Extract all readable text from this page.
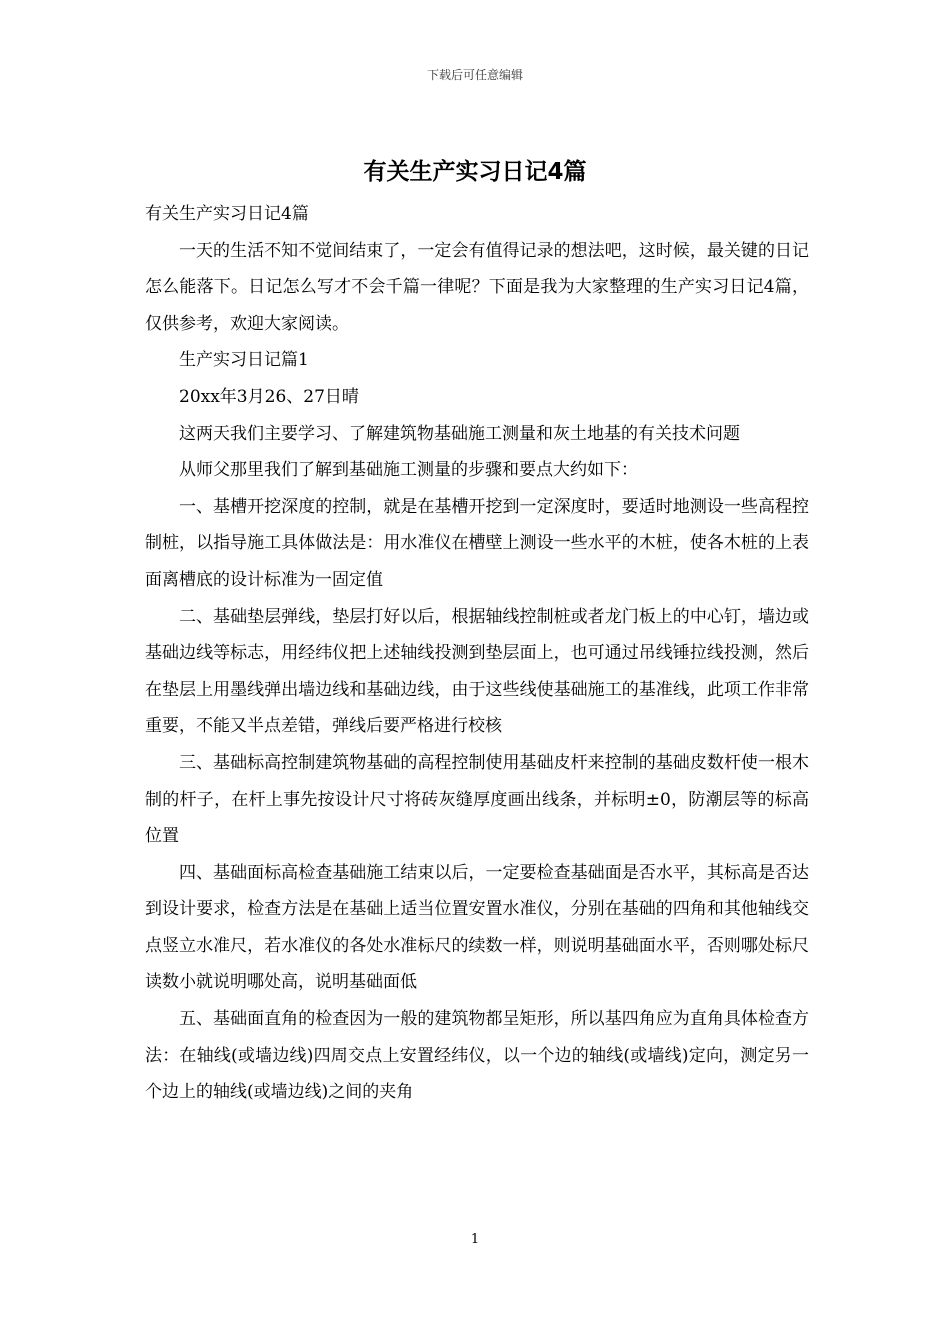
下载后可任意编辑
有关生产实习日记4篇

有关生产实习日记4篇

一天的生活不知不觉间结束了，一定会有值得记录的想法吧，这时候，最关键的日记怎么能落下。日记怎么写才不会千篇一律呢？下面是我为大家整理的生产实习日记4篇，仅供参考，欢迎大家阅读。

生产实习日记篇1

20xx年3月26、27日晴

这两天我们主要学习、了解建筑物基础施工测量和灰土地基的有关技术问题

从师父那里我们了解到基础施工测量的步骤和要点大约如下：

一、基槽开挖深度的控制，就是在基槽开挖到一定深度时，要适时地测设一些高程控制桩，以指导施工具体做法是：用水准仪在槽壁上测设一些水平的木桩，使各木桩的上表面离槽底的设计标准为一固定值

二、基础垫层弹线，垫层打好以后，根据轴线控制桩或者龙门板上的中心钉，墙边或基础边线等标志，用经纬仪把上述轴线投测到垫层面上，也可通过吊线锤拉线投测，然后在垫层上用墨线弹出墙边线和基础边线，由于这些线使基础施工的基准线，此项工作非常重要，不能又半点差错，弹线后要严格进行校核

三、基础标高控制建筑物基础的高程控制使用基础皮杆来控制的基础皮数杆使一根木制的杆子，在杆上事先按设计尺寸将砖灰缝厚度画出线条，并标明±0，防潮层等的标高位置

四、基础面标高检查基础施工结束以后，一定要检查基础面是否水平，其标高是否达到设计要求，检查方法是在基础上适当位置安置水准仪，分别在基础的四角和其他轴线交点竖立水准尺，若水准仪的各处水准标尺的续数一样，则说明基础面水平，否则哪处标尺读数小就说明哪处高，说明基础面低

五、基础面直角的检查因为一般的建筑物都呈矩形，所以基四角应为直角具体检查方法：在轴线(或墙边线)四周交点上安置经纬仪，以一个边的轴线(或墙线)定向，测定另一个边上的轴线(或墙边线)之间的夹角

1
